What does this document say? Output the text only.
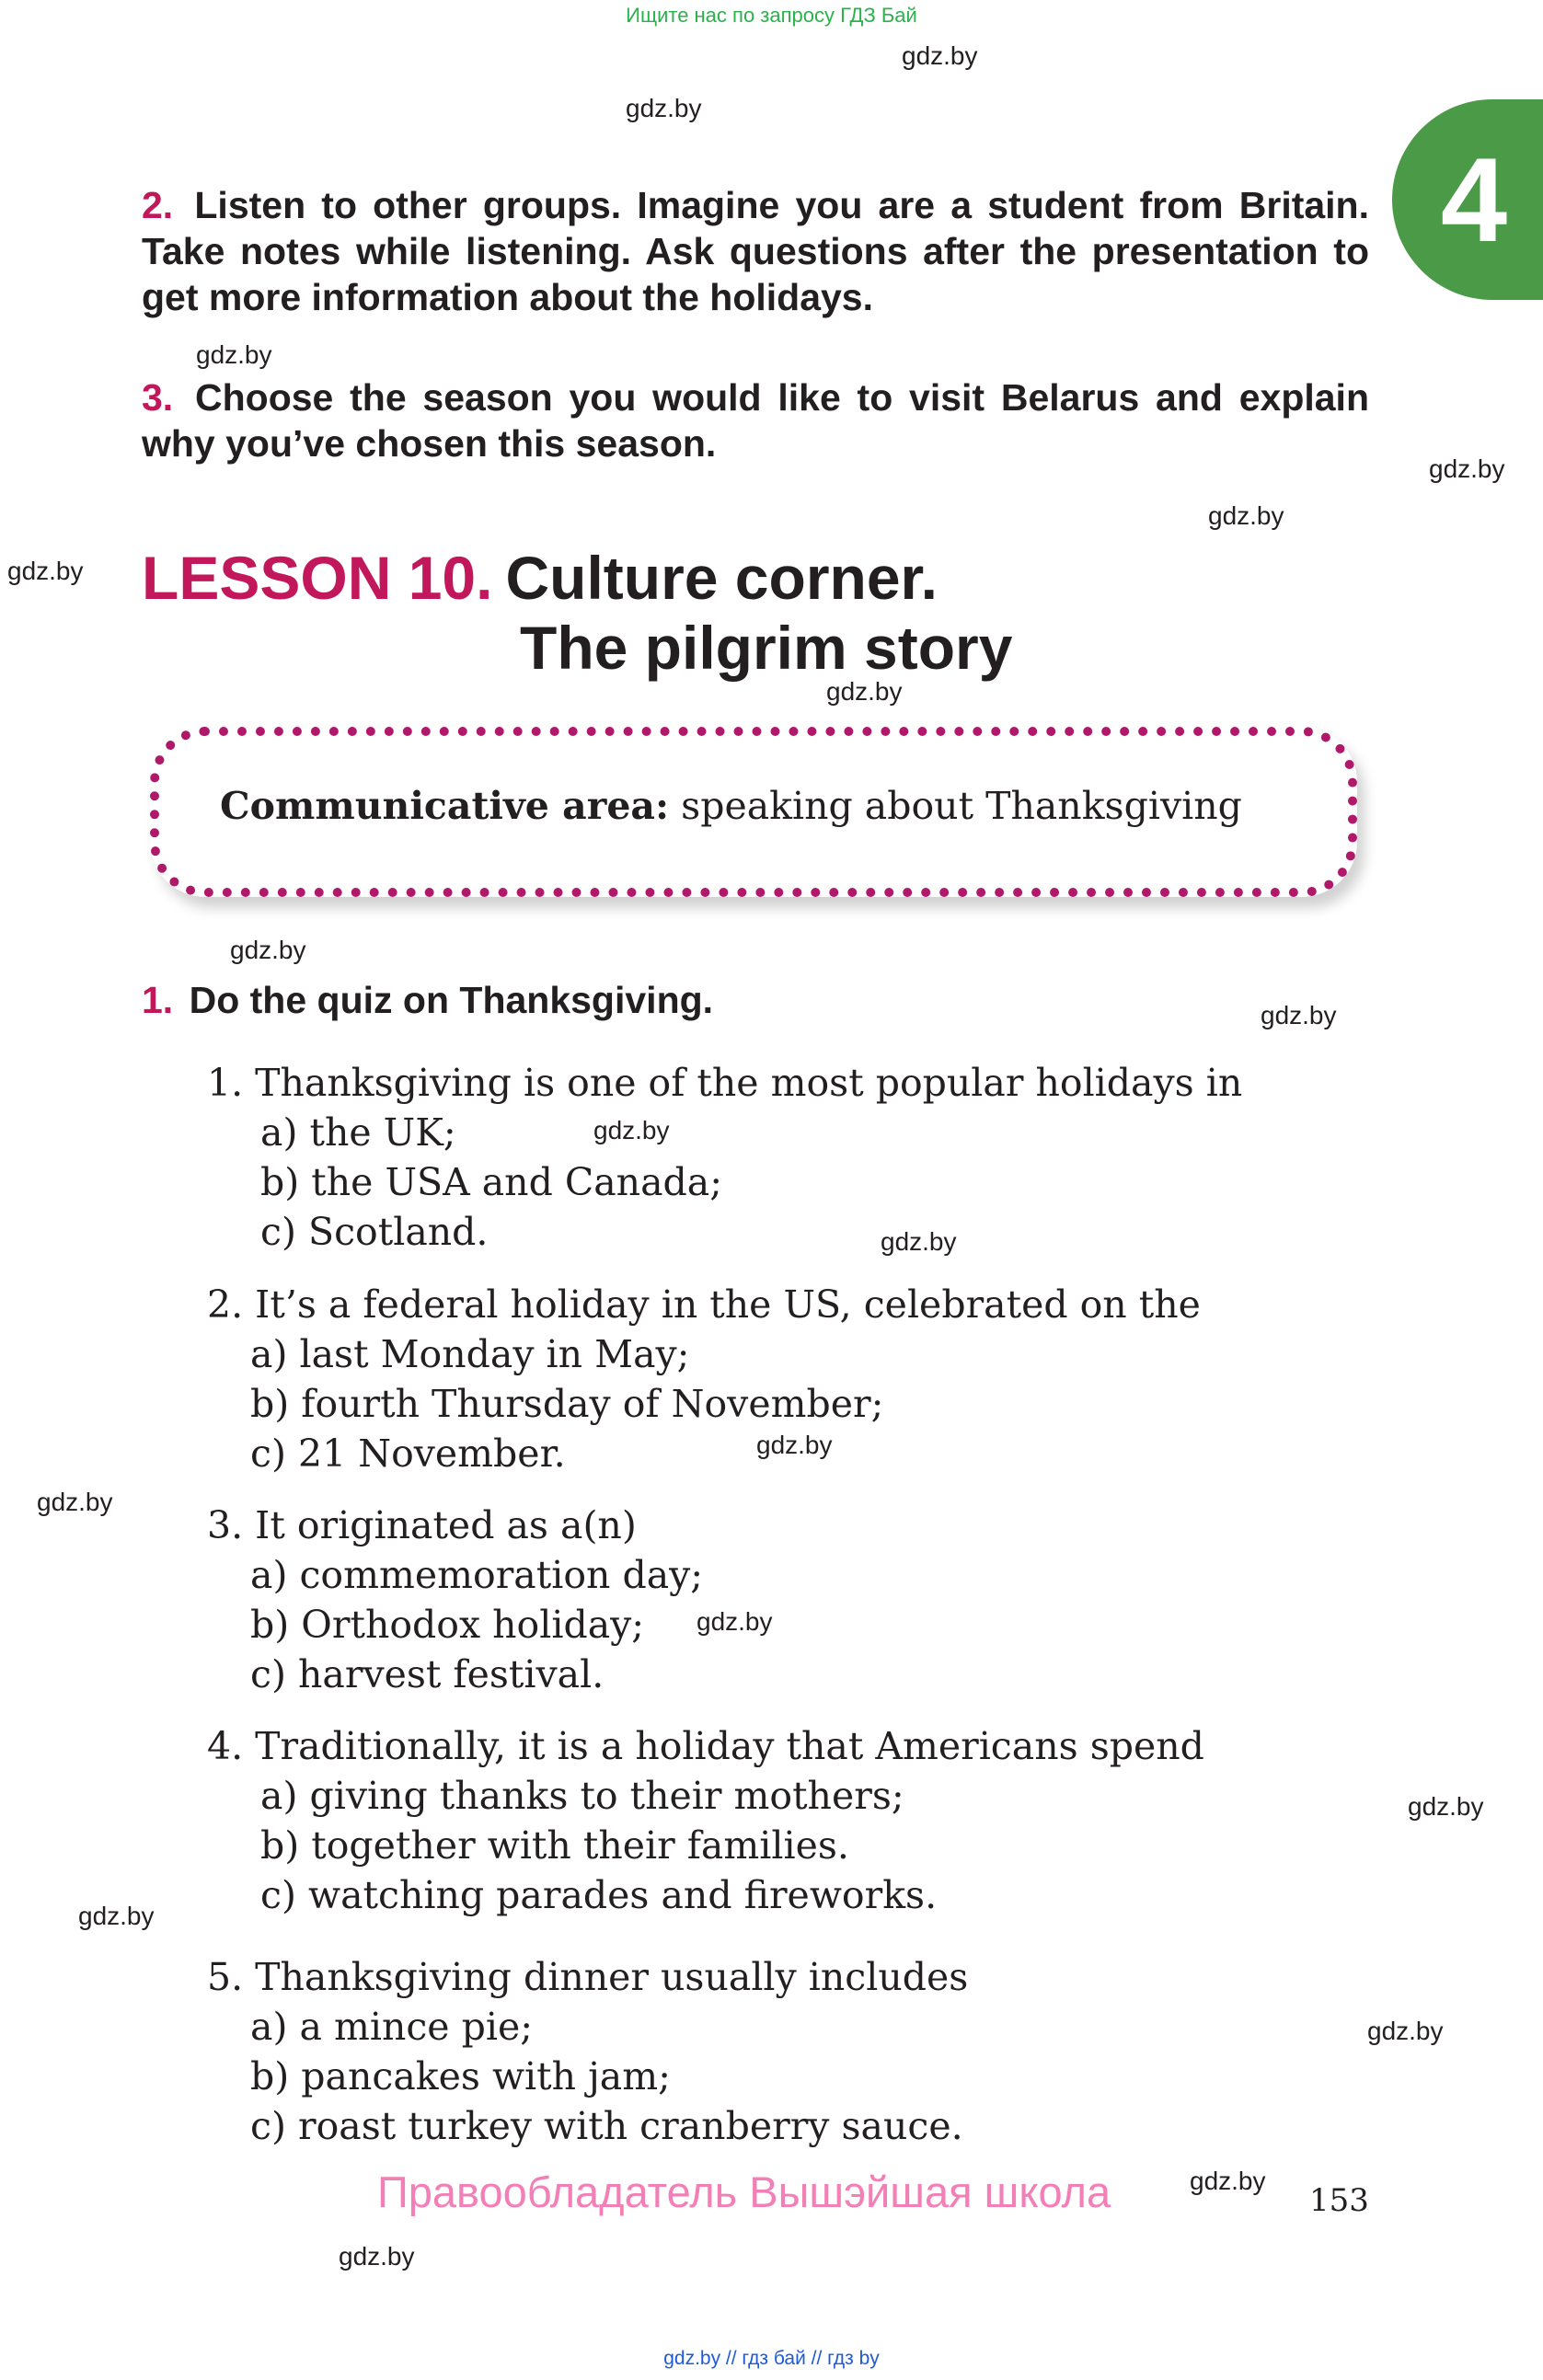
Ищите нас по запросу ГДЗ Бай
4
gdz.by
gdz.by
gdz.by
gdz.by
gdz.by
gdz.by
gdz.by
gdz.by
gdz.by
gdz.by
gdz.by
gdz.by
gdz.by
gdz.by
gdz.by
gdz.by
gdz.by
gdz.by
gdz.by
2. Listen to other groups. Imagine you are a student from Britain. Take notes while listening. Ask questions after the presentation to get more information about the holidays.
3. Choose the season you would like to visit Belarus and explain why you’ve chosen this season.
LESSON 10. Culture corner.
The pilgrim story
Communicative area: speaking about Thanksgiving
1. Do the quiz on Thanksgiving.
1. Thanksgiving is one of the most popular holidays in
a) the UK;
b) the USA and Canada;
c) Scotland.
2. It’s a federal holiday in the US, celebrated on the
a) last Monday in May;
b) fourth Thursday of November;
c) 21 November.
3. It originated as a(n)
a) commemoration day;
b) Orthodox holiday;
c) harvest festival.
4. Traditionally, it is a holiday that Americans spend
a) giving thanks to their mothers;
b) together with their families.
c) watching parades and fireworks.
5. Thanksgiving dinner usually includes
a) a mince pie;
b) pancakes with jam;
c) roast turkey with cranberry sauce.
Правообладатель Вышэйшая школа	153
gdz.by // гдз бай // гдз by
